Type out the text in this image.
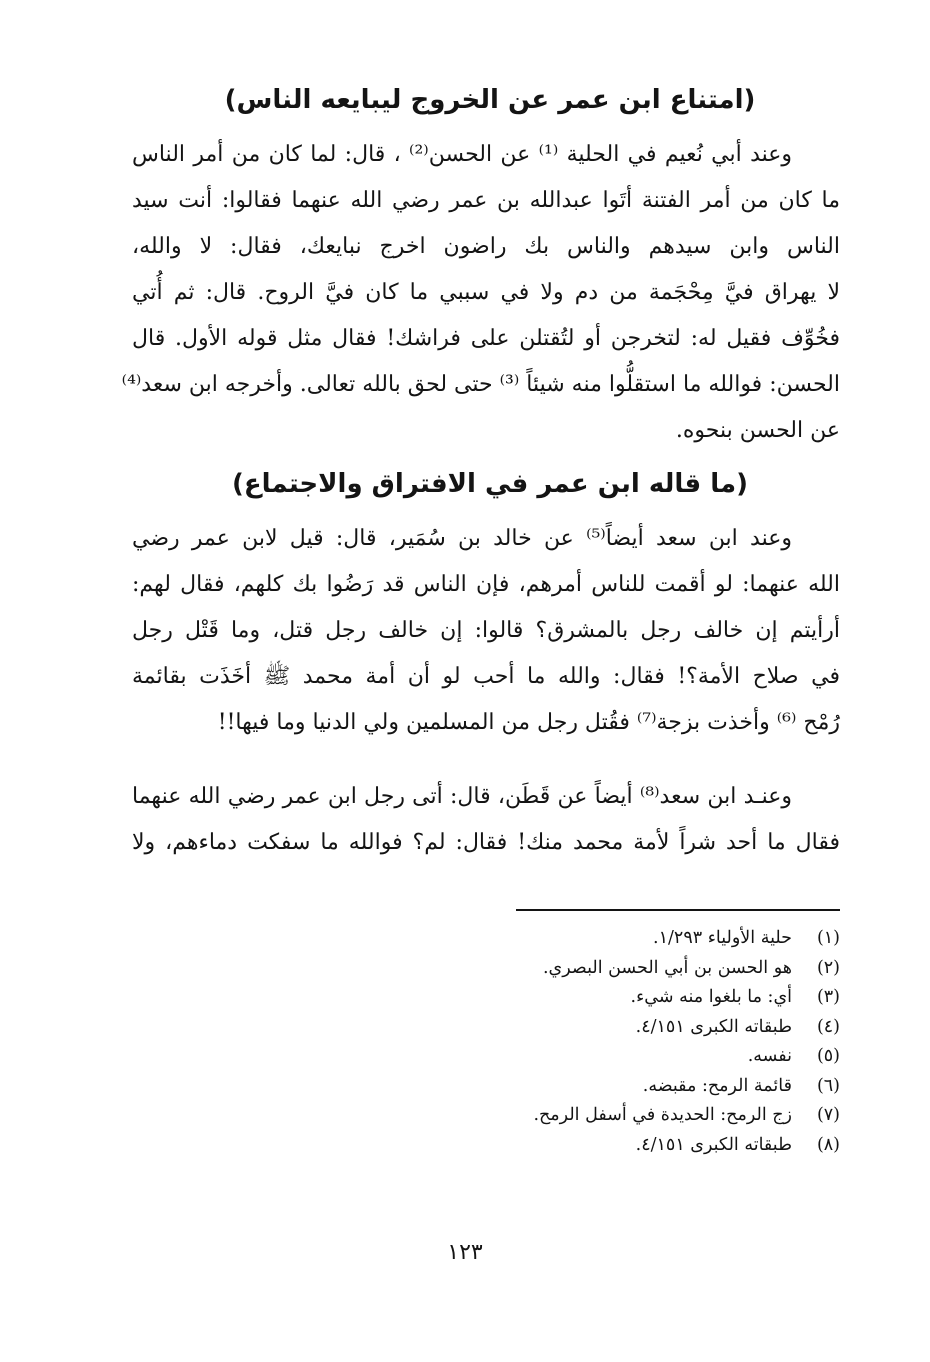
(امتناع ابن عمر عن الخروج ليبايعه الناس)
وعند أبي نُعيم في الحلية ⁽¹⁾ عن الحسن⁽²⁾ ، قال: لما كان من أمر الناس
ما كان من أمر الفتنة أتَوا عبدالله بن عمر رضي الله عنهما فقالوا: أنت سيد
الناس وابن سيدهم والناس بك راضون اخرج نبايعك، فقال: لا والله،
لا يهراق فيَّ مِحْجَمة من دم ولا في سببي ما كان فيَّ الروح. قال: ثم أُتي
فخُوِّف فقيل له: لتخرجن أو لتُقتلن على فراشك! فقال مثل قوله الأول. قال
الحسن: فوالله ما استقلُّوا منه شيئاً ⁽³⁾ حتى لحق بالله تعالى. وأخرجه ابن سعد⁽⁴⁾
عن الحسن بنحوه.
(ما قاله ابن عمر في الافتراق والاجتماع)
وعند ابن سعد أيضاً⁽⁵⁾ عن خالد بن سُمَير، قال: قيل لابن عمر رضي
الله عنهما: لو أقمت للناس أمرهم، فإن الناس قد رَضُوا بك كلهم، فقال لهم:
أرأيتم إن خالف رجل بالمشرق؟ قالوا: إن خالف رجل قتل، وما قَتْل رجل
في صلاح الأمة؟! فقال: والله ما أحب لو أن أمة محمد ﷺ أخَذَت بقائمة
رُمْح ⁽⁶⁾ وأخذت بزجة⁽⁷⁾ فقُتل رجل من المسلمين ولي الدنيا وما فيها!!
وعنـد ابن سعد⁽⁸⁾ أيضاً عن قَطَن، قال: أتى رجل ابن عمر رضي الله عنهما
فقال ما أحد شراً لأمة محمد منك! فقال: لم؟ فوالله ما سفكت دماءهم، ولا
(١)
حلية الأولياء ١/٢٩٣.
(٢)
هو الحسن بن أبي الحسن البصري.
(٣)
أي: ما بلغوا منه شيء.
(٤)
طبقاته الكبرى ٤/١٥١.
(٥)
نفسه.
(٦)
قائمة الرمح: مقبضه.
(٧)
زج الرمح: الحديدة في أسفل الرمح.
(٨)
طبقاته الكبرى ٤/١٥١.
١٢٣
